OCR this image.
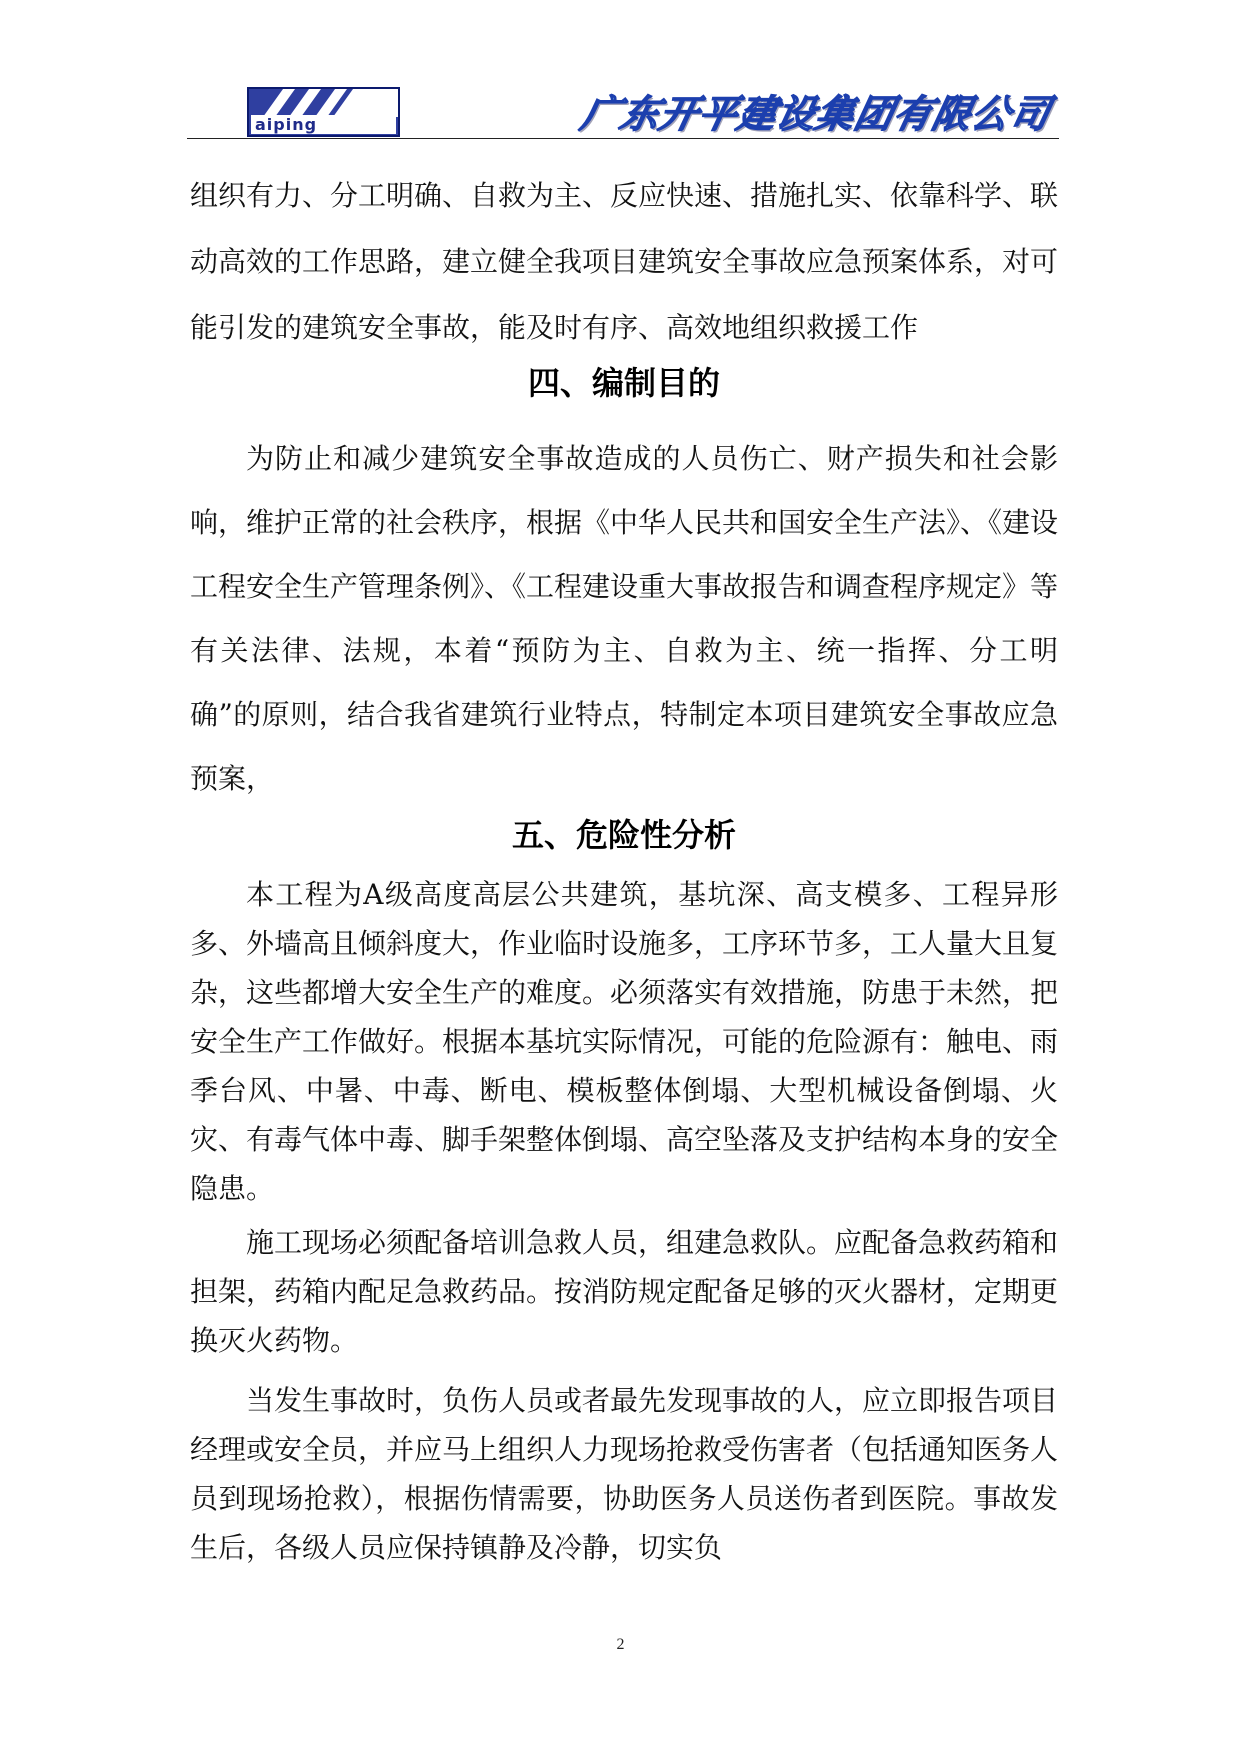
aiping	广东开平建设集团有限公司

组织有力、分工明确、自救为主、反应快速、措施扎实、依靠科学、联动高效的工作思路，建立健全我项目建筑安全事故应急预案体系，对可能引发的建筑安全事故，能及时有序、高效地组织救援工作

四、编制目的

为防止和减少建筑安全事故造成的人员伤亡、财产损失和社会影响，维护正常的社会秩序，根据《中华人民共和国安全生产法》、《建设工程安全生产管理条例》、《工程建设重大事故报告和调查程序规定》等有关法律、法规，本着“预防为主、自救为主、统一指挥、分工明确”的原则，结合我省建筑行业特点，特制定本项目建筑安全事故应急预案，

五、危险性分析

本工程为A级高度高层公共建筑，基坑深、高支模多、工程异形多、外墙高且倾斜度大，作业临时设施多，工序环节多，工人量大且复杂，这些都增大安全生产的难度。必须落实有效措施，防患于未然，把安全生产工作做好。根据本基坑实际情况，可能的危险源有：触电、雨季台风、中暑、中毒、断电、模板整体倒塌、大型机械设备倒塌、火灾、有毒气体中毒、脚手架整体倒塌、高空坠落及支护结构本身的安全隐患。

施工现场必须配备培训急救人员，组建急救队。应配备急救药箱和担架，药箱内配足急救药品。按消防规定配备足够的灭火器材，定期更换灭火药物。

当发生事故时，负伤人员或者最先发现事故的人，应立即报告项目经理或安全员，并应马上组织人力现场抢救受伤害者（包括通知医务人员到现场抢救），根据伤情需要，协助医务人员送伤者到医院。事故发生后，各级人员应保持镇静及冷静，切实负

2
